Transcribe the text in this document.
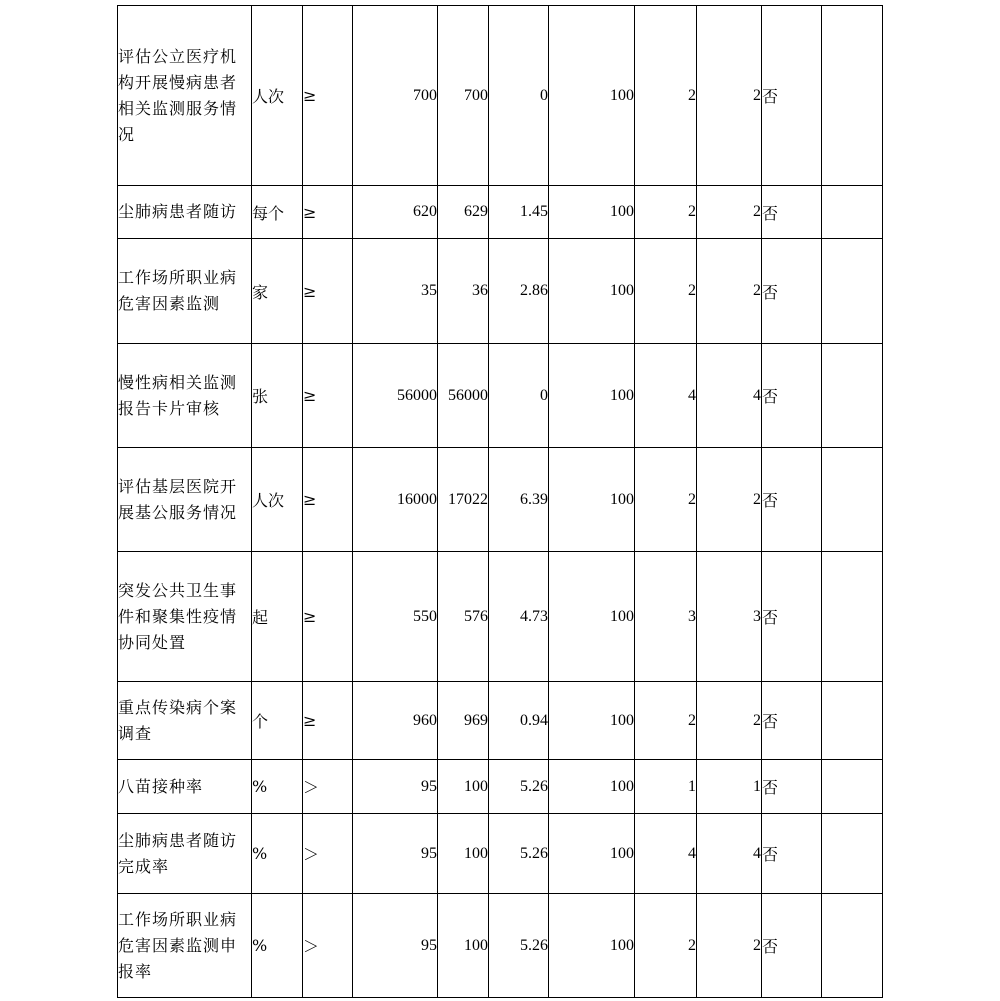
评估公立医疗机构开展慢病患者相关监测服务情况	人次	≥	700	700	0	100	2	2	否	
尘肺病患者随访	每个	≥	620	629	1.45	100	2	2	否	
工作场所职业病危害因素监测	家	≥	35	36	2.86	100	2	2	否	
慢性病相关监测报告卡片审核	张	≥	56000	56000	0	100	4	4	否	
评估基层医院开展基公服务情况	人次	≥	16000	17022	6.39	100	2	2	否	
突发公共卫生事件和聚集性疫情协同处置	起	≥	550	576	4.73	100	3	3	否	
重点传染病个案调查	个	≥	960	969	0.94	100	2	2	否	
八苗接种率	%	＞	95	100	5.26	100	1	1	否	
尘肺病患者随访完成率	%	＞	95	100	5.26	100	4	4	否	
工作场所职业病危害因素监测申报率	%	＞	95	100	5.26	100	2	2	否	
